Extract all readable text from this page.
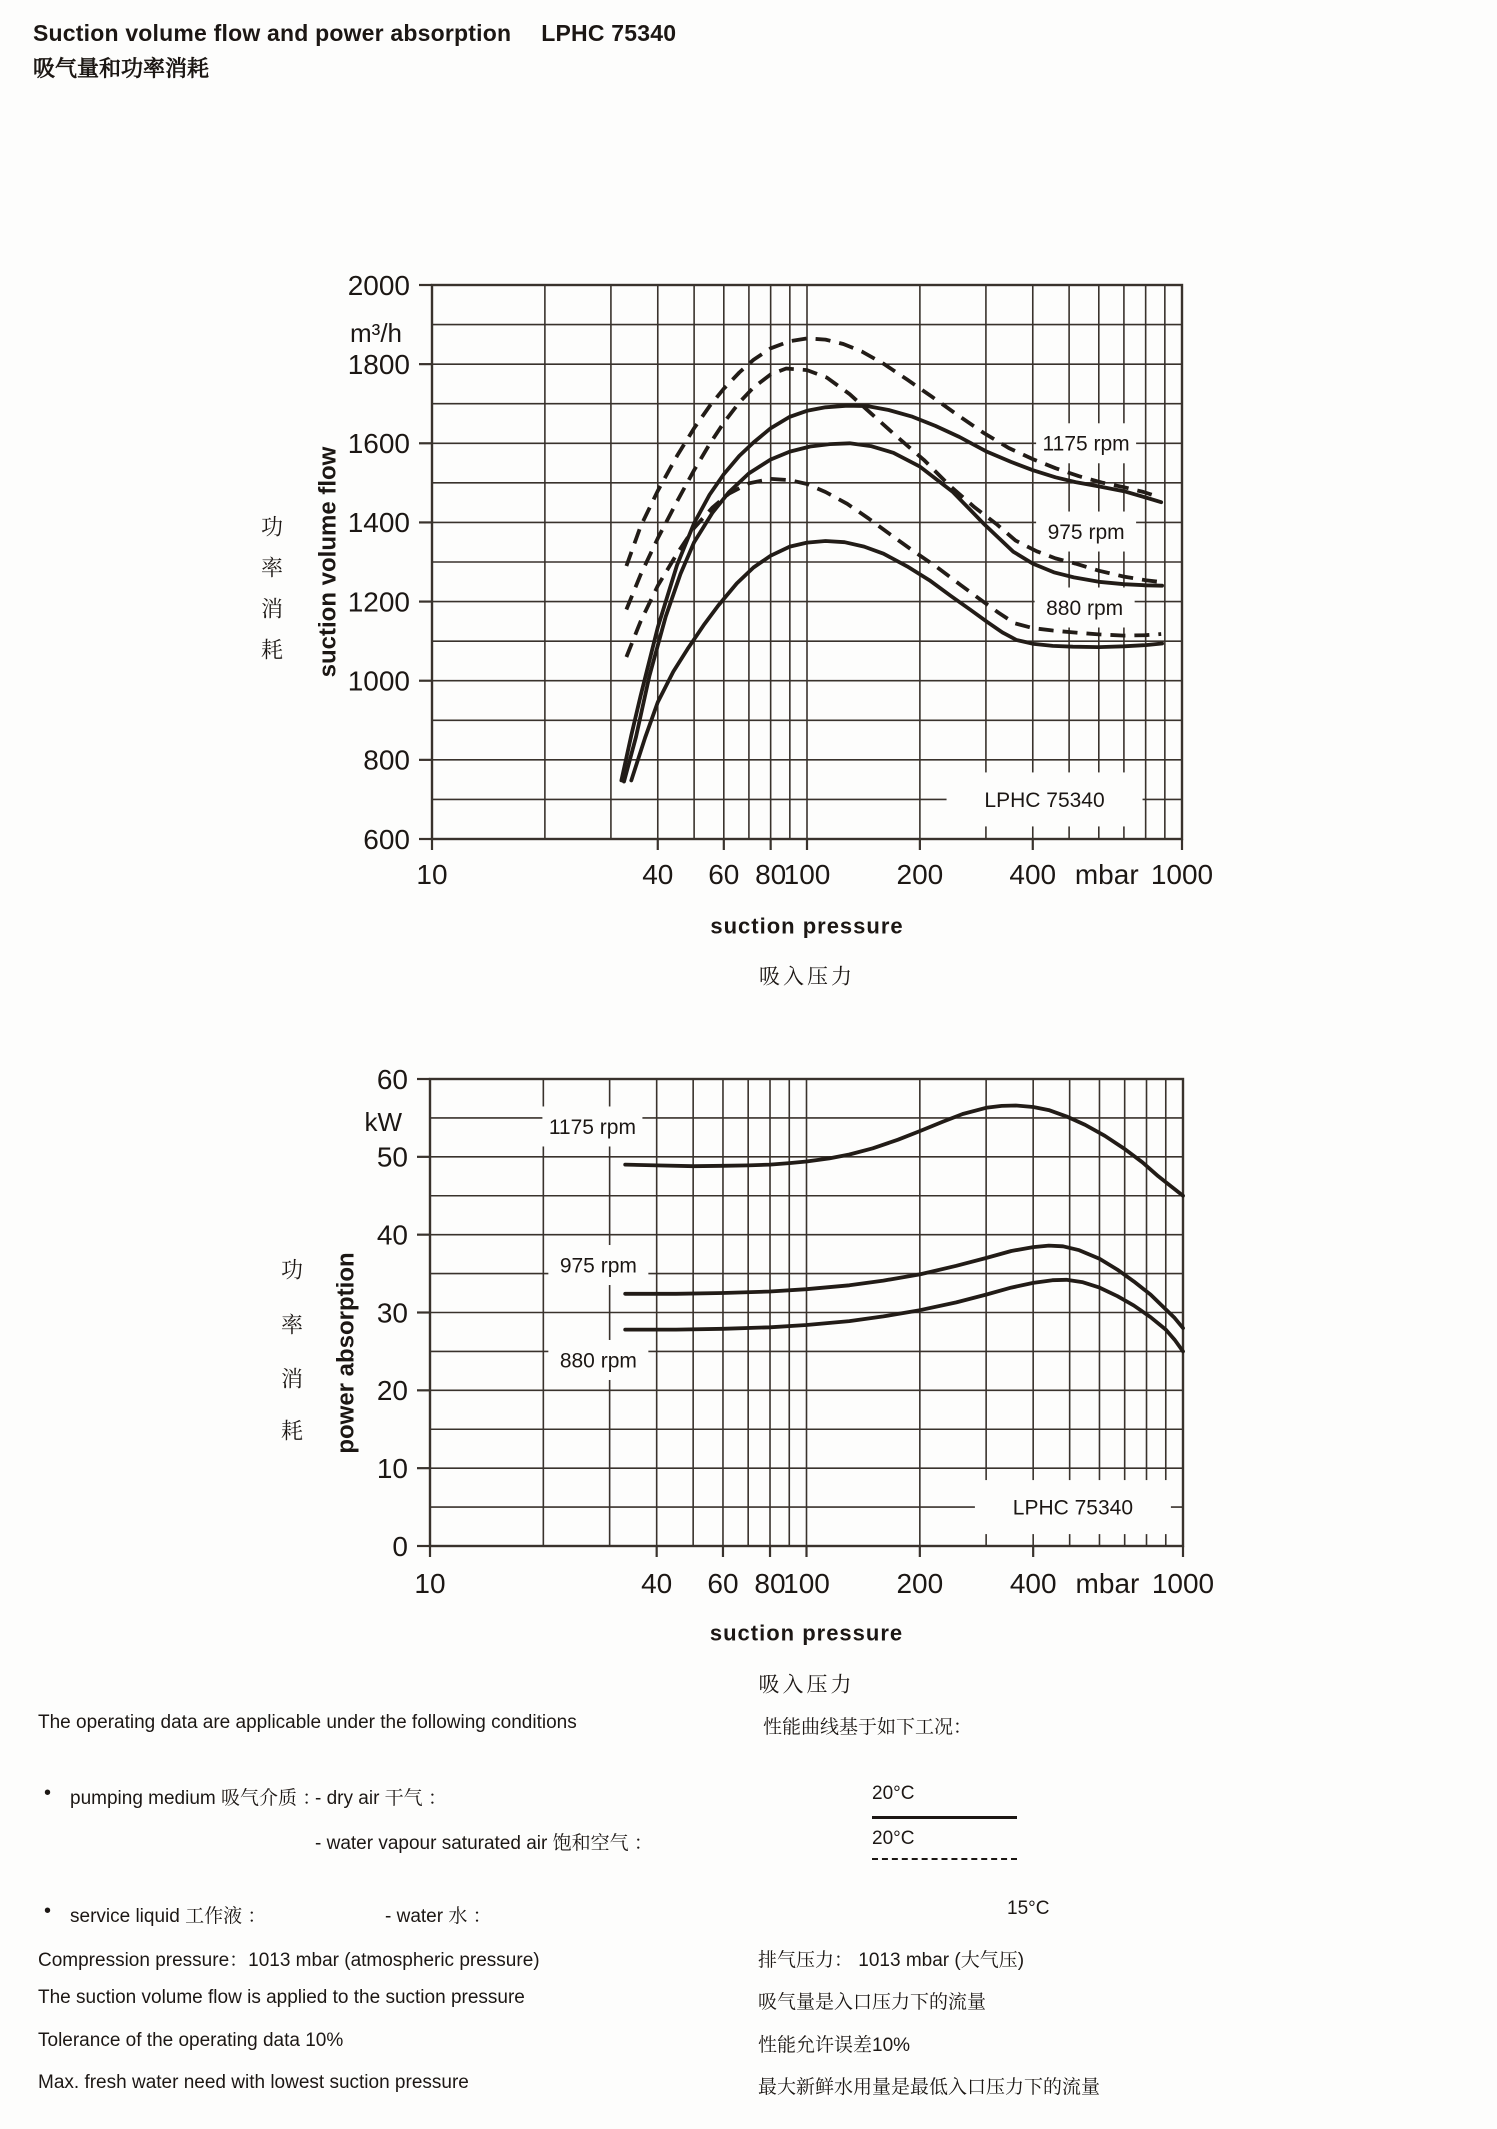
Suction volume flow and power absorption LPHC 75340
吸气量和功率消耗
1175 rpm
975 rpm
880 rpm
LPHC 75340
10	40 60 80
100 200 400 mbar 1000
2000
1800
1600
1400
1200
1000
800
600
m³/h
suction pressure
吸入压力
suction volume flow
功
率
消
耗
1175 rpm
975 rpm
880 rpm
LPHC 75340
10	40 60 80
100 200 400 mbar 1000
60
50
40
30
20
10
0
kW
suction pressure
吸入压力
power absorption
功
率
消
耗
The operating data are applicable under the following conditions	性能曲线基于如下工况：
• pumping medium 吸气介质 ：
- dry air 干气 ：	20°C
- water vapour saturated air 饱和空气 ：	20°C
• service liquid 工作液 ：	- water 水 ：	15°C
Compression pressure：1013 mbar (atmospheric pressure)	排气压力： 1013 mbar (大气压)
The suction volume flow is applied to the suction pressure	吸气量是入口压力下的流量
Tolerance of the operating data 10%	性能允许误差10%
Max. fresh water need with lowest suction pressure	最大新鲜水用量是最低入口压力下的流量
